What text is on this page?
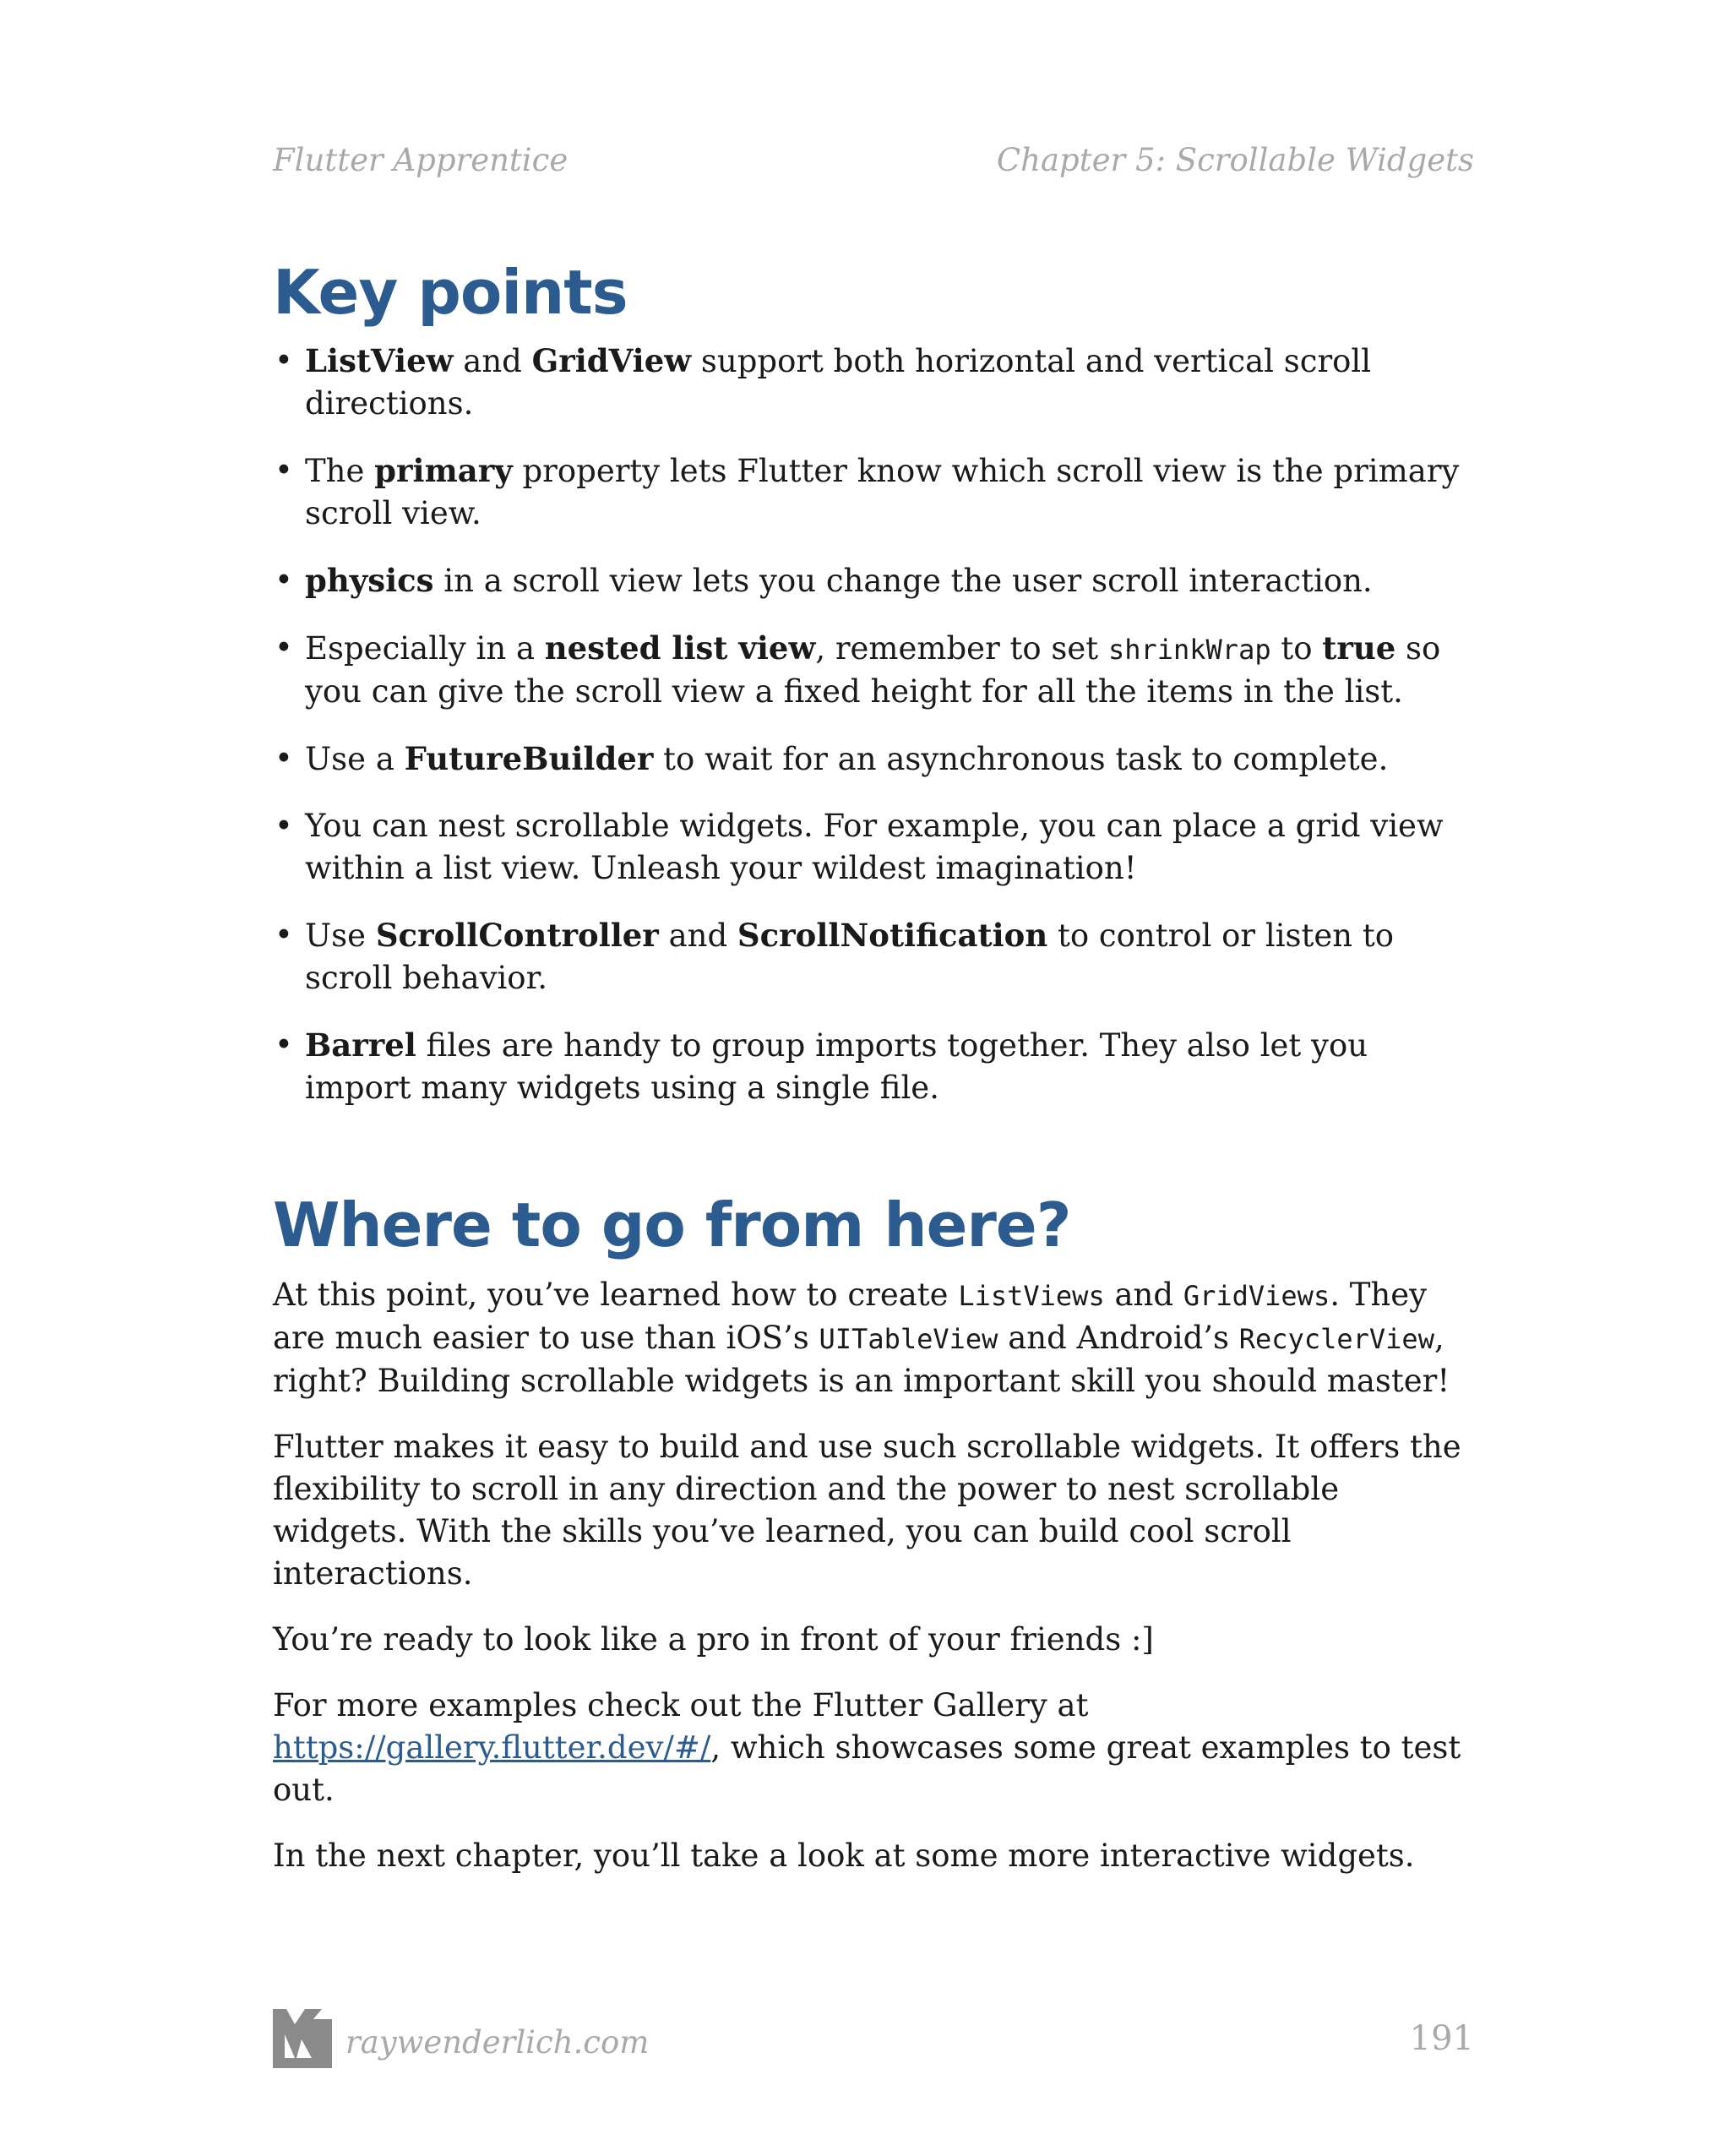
Flutter Apprentice	Chapter 5: Scrollable Widgets
Key points
• ListView and GridView support both horizontal and vertical scroll directions.
• The primary property lets Flutter know which scroll view is the primary scroll view.
• physics in a scroll view lets you change the user scroll interaction.
• Especially in a nested list view, remember to set shrinkWrap to true so you can give the scroll view a fixed height for all the items in the list.
• Use a FutureBuilder to wait for an asynchronous task to complete.
• You can nest scrollable widgets. For example, you can place a grid view within a list view. Unleash your wildest imagination!
• Use ScrollController and ScrollNotification to control or listen to scroll behavior.
• Barrel files are handy to group imports together. They also let you import many widgets using a single file.
Where to go from here?

At this point, you’ve learned how to create ListViews and GridViews. They are much easier to use than iOS’s UITableView and Android’s RecyclerView, right? Building scrollable widgets is an important skill you should master!

Flutter makes it easy to build and use such scrollable widgets. It offers the flexibility to scroll in any direction and the power to nest scrollable widgets. With the skills you’ve learned, you can build cool scroll interactions.

You’re ready to look like a pro in front of your friends :]

For more examples check out the Flutter Gallery at https://gallery.flutter.dev/#/, which showcases some great examples to test out.

In the next chapter, you’ll take a look at some more interactive widgets.

raywenderlich.com	191
